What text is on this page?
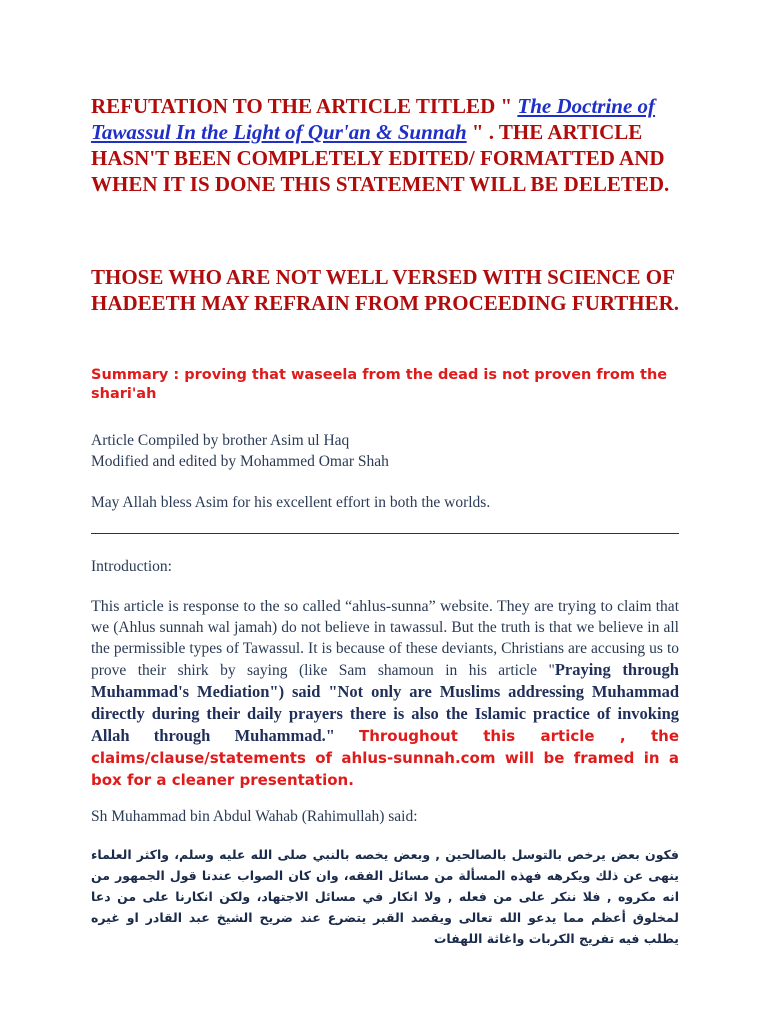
REFUTATION TO THE ARTICLE TITLED " The Doctrine of Tawassul In the Light of Qur'an & Sunnah " . THE ARTICLE HASN'T BEEN COMPLETELY EDITED/ FORMATTED AND WHEN IT IS DONE THIS STATEMENT WILL BE DELETED.
THOSE WHO ARE NOT WELL VERSED WITH SCIENCE OF HADEETH MAY REFRAIN FROM PROCEEDING FURTHER.
Summary : proving that waseela from the dead is not proven from the shari'ah
Article Compiled by brother Asim ul Haq
Modified and edited by Mohammed Omar Shah
May Allah bless Asim for his excellent effort in both the worlds.
Introduction:
This article is response to the so called “ahlus-sunna” website. They are trying to claim that we (Ahlus sunnah wal jamah) do not believe in tawassul. But the truth is that we believe in all the permissible types of Tawassul. It is because of these deviants, Christians are accusing us to prove their shirk by saying (like Sam shamoun in his article "Praying through Muhammad's Mediation") said "Not only are Muslims addressing Muhammad directly during their daily prayers there is also the Islamic practice of invoking Allah through Muhammad." Throughout this article , the claims/clause/statements of ahlus-sunnah.com will be framed in a box for a cleaner presentation.
Sh Muhammad bin Abdul Wahab (Rahimullah) said:
فكون بعض يرخص بالتوسل بالصالحين , وبعض يخصه بالنبي صلى الله عليه وسلم، واكثر العلماء ينهى عن ذلك ويكرهه فهذه المسألة من مسائل الفقه، وان كان الصواب عندنا قول الجمهور من انه مكروه , فلا ننكر على من فعله , ولا انكار في مسائل الاجتهاد، ولكن انكارنا على من دعا لمخلوق أعظم مما يدعو الله تعالى ويقصد القبر يتضرع عند ضريح الشيخ عبد القادر او غيره يطلب فيه تفريج الكربات واغاثة اللهفات
